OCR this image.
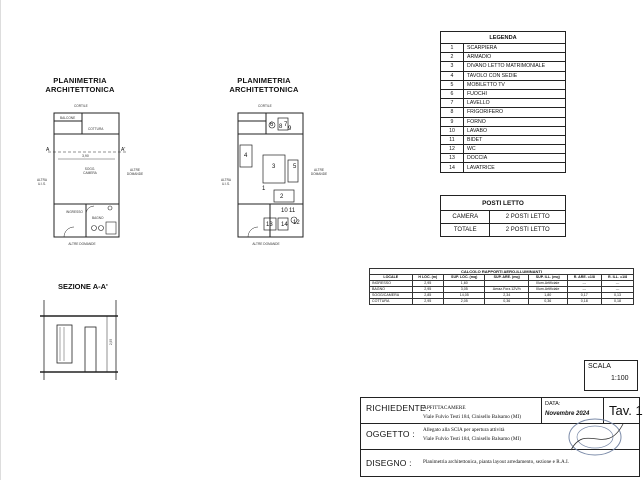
PLANIMETRIA
ARCHITETTONICA
CORTILE
BALCONE
COTTURA
SOGG. CAMERA
BAGNO
INGRESSO
ALTRA U.I.S.
ALTRE DOMANDE
ALTRE DOMANDE
A	A'
3,90
PLANIMETRIA
ARCHITETTONICA
CORTILE
ALTRA U.I.S.
ALTRE DOMANDE
ALTRE DOMANDE
6 8 7
9
4
3
1
5
2
10 11
12
13 14
SEZIONE A-A'
2,95
LEGENDA	
1	SCARPIERA
2	ARMADIO
3	DIVANO LETTO MATRIMONIALE
4	TAVOLO CON SEDIE
5	MOBILETTO TV
6	FUOCHI
7	LAVELLO
8	FRIGORIFERO
9	FORNO
10	LAVABO
11	BIDET
12	WC
13	DOCCIA
14	LAVATRICE
POSTI LETTO	
CAMERA	2 POSTI LETTO
TOTALE	2 POSTI LETTO
CALCOLO RAPPORTI AERO-ILLUMINANTI						
LOCALE	H LOC. (m)	SUP. LOC. (mq)	SUP. ARE. (mq)	SUP. ILL. (mq)	R. ARE. =1/8	R. ILL. =1/8
INGRESSO	2,95	1,60		Illum.Artificiale	---	---
BAGNO	2,95	3,05	Aeraz.Forz.12V/h	Illum.Artificiale	---	---
SOGG/CAMERA	2,85	14,05	2,34	1,80	0,17	0,13
COTTURA	2,95	2,05	0,36	0,36	0,18	0,18
SCALA
1:100
RICHIEDENTE :
AFFITTACAMERE
Viale Fulvio Testi 184, Cinisello Balsamo (MI)
DATA:
Novembre 2024 Tav. 1
OGGETTO : Allegato alla SCIA per apertura attività
Viale Fulvio Testi 184, Cinisello Balsamo (MI)
DISEGNO : Planimetria architettonica, pianta layout arredamento, sezione e R.A.I.
